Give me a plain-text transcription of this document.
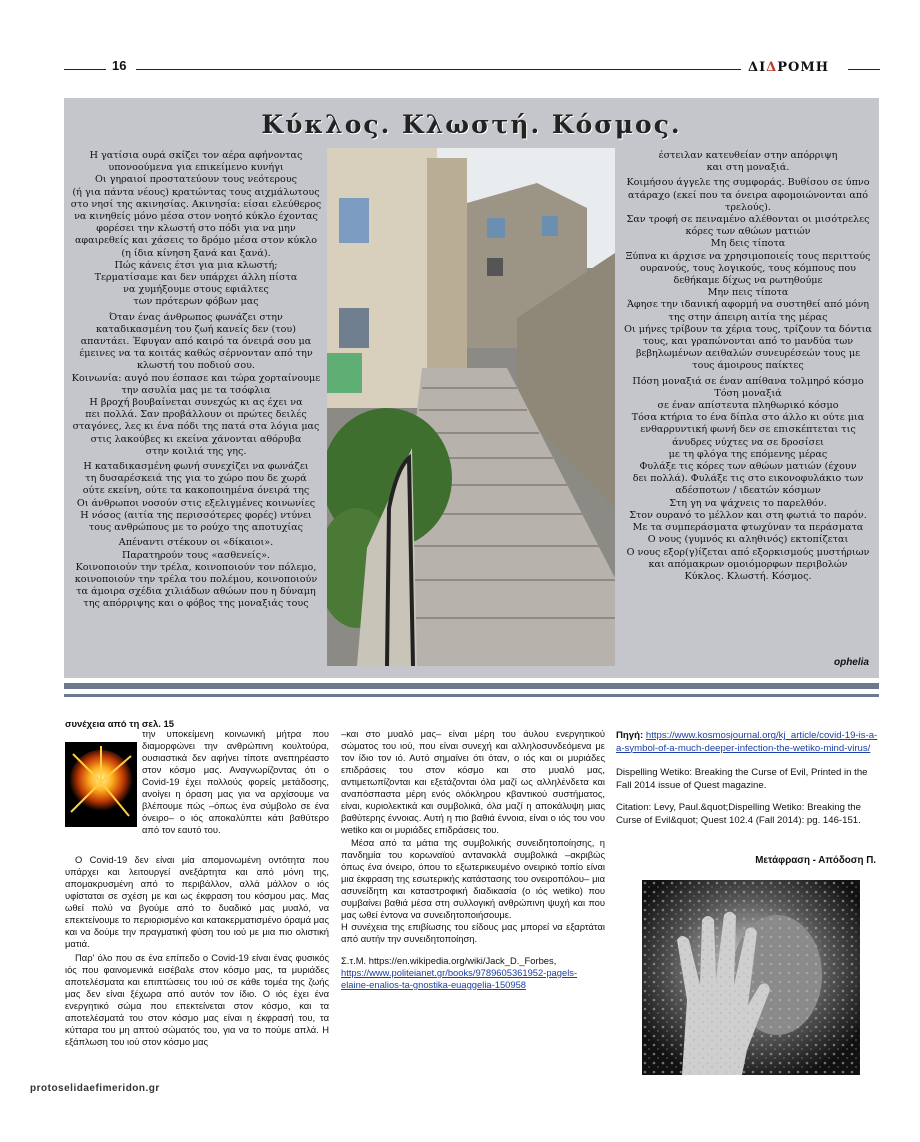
16	ΔΙΔΡΟΜΗ
Κύκλος. Κλωστή. Κόσμος.
ophelia

Η γατίσια ουρά σκίζει τον αέρα αφήνοντας
υπονοούμενα για επικείμενο κυνήγι
Οι γηραιοί προστατεύουν τους νεότερους
(ή για πάντα νέους) κρατώντας τους αιχμάλωτους
στο νησί της ακινησίας. Ακινησία: είσαι ελεύθερος
να κινηθείς μόνο μέσα στον νοητό κύκλο έχοντας
φορέσει την κλωστή στο πόδι για να μην
αφαιρεθείς και χάσεις το δρόμο μέσα στον κύκλο
(η ίδια κίνηση ξανά και ξανά).
Πώς κάνεις έτσι για μια κλωστή;
Τερματίσαμε και δεν υπάρχει άλλη πίστα
να χυμήξουμε στους εφιάλτες
των πρότερων φόβων μας

Όταν ένας άνθρωπος φωνάζει στην
καταδικασμένη του ζωή κανείς δεν (του)
απαντάει. Έφυγαν από καιρό τα όνειρά σου μα
έμεινες να τα κοιτάς καθώς σέρνονταν από την
κλωστή του ποδιού σου.
Κοινωνία: αυγό που έσπασε και τώρα χορταίνουμε
την ασυλία μας με τα τσόφλια
Η βροχή βουβαίνεται συνεχώς κι ας έχει να
πει πολλά. Σαν προβάλλουν οι πρώτες δειλές
σταγόνες, λες κι ένα πόδι της πατά στα λόγια μας
στις λακούβες κι εκείνα χάνονται αθόρυβα
στην κοιλιά της γης.

Η καταδικασμένη φωνή συνεχίζει να φωνάζει
τη δυσαρέσκειά της για το χώρο που δε χωρά
ούτε εκείνη, ούτε τα κακοποιημένα όνειρά της
Οι άνθρωποι νοσούν στις εξελιγμένες κοινωνίες
Η νόσος (αιτία της περισσότερες φορές) ντύνει
τους ανθρώπους με το ρούχο της αποτυχίας

Απέναντι στέκουν οι «δίκαιοι».
Παρατηρούν τους «ασθενείς».
Κοινοποιούν την τρέλα, κοινοποιούν τον πόλεμο,
κοινοποιούν την τρέλα του πολέμου, κοινοποιούν
τα άμοιρα σχέδια χιλιάδων αθώων που η δύναμη
της απόρριψης και ο φόβος της μοναξιάς τους

έστειλαν κατευθείαν στην απόρριψη
και στη μοναξιά.

Κοιμήσου άγγελε της συμφοράς. Βυθίσου σε ύπνο
ατάραχο (εκεί που τα όνειρα αφομοιώνονται από
τρελούς).
Σαν τροφή σε πειναμένο αλέθονται οι μισότρελες
κόρες των αθώων ματιών
Μη δεις τίποτα
Ξύπνα κι άρχισε να χρησιμοποιείς τους περιττούς
ουρανούς, τους λογικούς, τους κόμπους που
δεθήκαμε δίχως να ρωτηθούμε
Μην πεις τίποτα
Άφησε την ιδανική αφορμή να συστηθεί από μόνη
της στην άπειρη αιτία της μέρας
Οι μήνες τρίβουν τα χέρια τους, τρίζουν τα δόντια
τους, και γραπώνονται από το μανδύα των
βεβηλωμένων αειθαλών συνευρέσεών τους με
τους άμοιρους παίκτες

Πόση μοναξιά σε έναν απίθανα τολμηρό κόσμο
Τόση μοναξιά
σε έναν απίστευτα πληθωρικό κόσμο
Τόσα κτήρια το ένα δίπλα στο άλλο κι ούτε μια
ενθαρρυντική φωνή δεν σε επισκέπτεται τις
άνυδρες νύχτες να σε δροσίσει
με τη φλόγα της επόμενης μέρας
Φυλάξε τις κόρες των αθώων ματιών (έχουν
δει πολλά). Φυλάξε τις στο εικονοφυλάκιο των
αδέσποτων / ιδεατών κόσμων
Στη γη να ψάχνεις το παρελθόν.
Στον ουρανό το μέλλον και στη φωτιά το παρόν.
Με τα συμπεράσματα φτωχύναν τα περάσματα
Ο νους (γυμνός κι αληθινός) εκτοπίζεται
Ο νους εξορ(γ)ίζεται από εξορκισμούς μυστήριων
και απόμακρων ομοιόμορφων περιβολών
Κύκλος. Κλωστή. Κόσμος.

συνέχεια από τη σελ. 15

την υποκείμενη κοινωνική μήτρα που διαμορφώνει την ανθρώπινη κουλτούρα, ουσιαστικά δεν αφήνει τίποτε ανεπηρέαστο στον κόσμο μας. Αναγνωρίζοντας ότι ο Covid-19 έχει πολλούς φορείς μετάδοσης, ανοίγει η όραση μας για να αρχίσουμε να βλέπουμε πώς –όπως ένα σύμβολο σε ένα όνειρο– ο ιός αποκαλύπτει κάτι βαθύτερο από τον εαυτό του.

Ο Covid-19 δεν είναι μία απομονωμένη οντότητα που υπάρχει και λειτουργεί ανεξάρτητα και από μόνη της, απομακρυσμένη από το περιβάλλον, αλλά μάλλον ο ιός υφίσταται σε σχέση με και ως έκφραση του κόσμου μας. Μας ωθεί πολύ να βγούμε από το δυαδικό μας μυαλό, να επεκτείνουμε το περιορισμένο και κατακερματισμένο όραμά μας και να δούμε την πραγματική φύση του ιού με μια πιο ολιστική ματιά.

Παρ' όλο που σε ένα επίπεδο ο Covid-19 είναι ένας φυσικός ιός που φαινομενικά εισέβαλε στον κόσμο μας, τα μυριάδες αποτελέσματα και επιπτώσεις του ιού σε κάθε τομέα της ζωής μας δεν είναι ξέχωρα από αυτόν τον ίδιο. Ο ιός έχει ένα ενεργητικό σώμα που επεκτείνεται στον κόσμο, και τα αποτελέσματά του στον κόσμο μας είναι η έκφρασή του, τα κύτταρα του μη απτού σώματός του, για να το πούμε απλά. Η εξάπλωση του ιού στον κόσμο μας

–και στο μυαλό μας– είναι μέρη του άυλου ενεργητικού σώματος του ιού, που είναι συνεχή και αλληλοσυνδεόμενα με τον ίδιο τον ιό. Αυτό σημαίνει ότι όταν, ο ιός και οι μυριάδες επιδράσεις του στον κόσμο και στο μυαλό μας, αντιμετωπίζονται και εξετάζονται όλα μαζί ως αλληλένδετα και αναπόσπαστα μέρη ενός ολόκληρου κβαντικού συστήματος, είναι, κυριολεκτικά και συμβολικά, όλα μαζί η αποκάλυψη μιας βαθύτερης έννοιας. Αυτή η πιο βαθιά έννοια, είναι ο ιός του νου wetiko και οι μυριάδες επιδράσεις του.

Μέσα από τα μάτια της συμβολικής συνειδητοποίησης, η πανδημία του κορωναϊού αντανακλά συμβολικά –ακριβώς όπως ένα όνειρο, όπου το εξωτερικευμένο ονειρικό τοπίο είναι μια έκφραση της εσωτερικής κατάστασης του ονειροπόλου– μια ασυνείδητη και καταστροφική διαδικασία (ο ιός wetiko) που συμβαίνει βαθιά μέσα στη συλλογική ανθρώπινη ψυχή και που μας ωθεί έντονα να συνειδητοποιήσουμε.

Η συνέχεια της επιβίωσης του είδους μας μπορεί να εξαρτάται από αυτήν την συνειδητοποίηση.

Σ.τ.Μ. https://en.wikipedia.org/wiki/Jack_D._Forbes, https://www.politeianet.gr/books/9789605361952-pagels-elaine-enalios-ta-gnostika-euaggelia-150958

Πηγή: https://www.kosmosjournal.org/kj_article/covid-19-is-a-a-symbol-of-a-much-deeper-infection-the-wetiko-mind-virus/
Dispelling Wetiko: Breaking the Curse of Evil, Printed in the Fall 2014 issue of Quest magazine.
Citation: Levy, Paul.&quot;Dispelling Wetiko: Breaking the Curse of Evil&quot; Quest 102.4 (Fall 2014): pg. 146-151.
Μετάφραση - Απόδοση Π.
protoselidaefimeridon.gr
